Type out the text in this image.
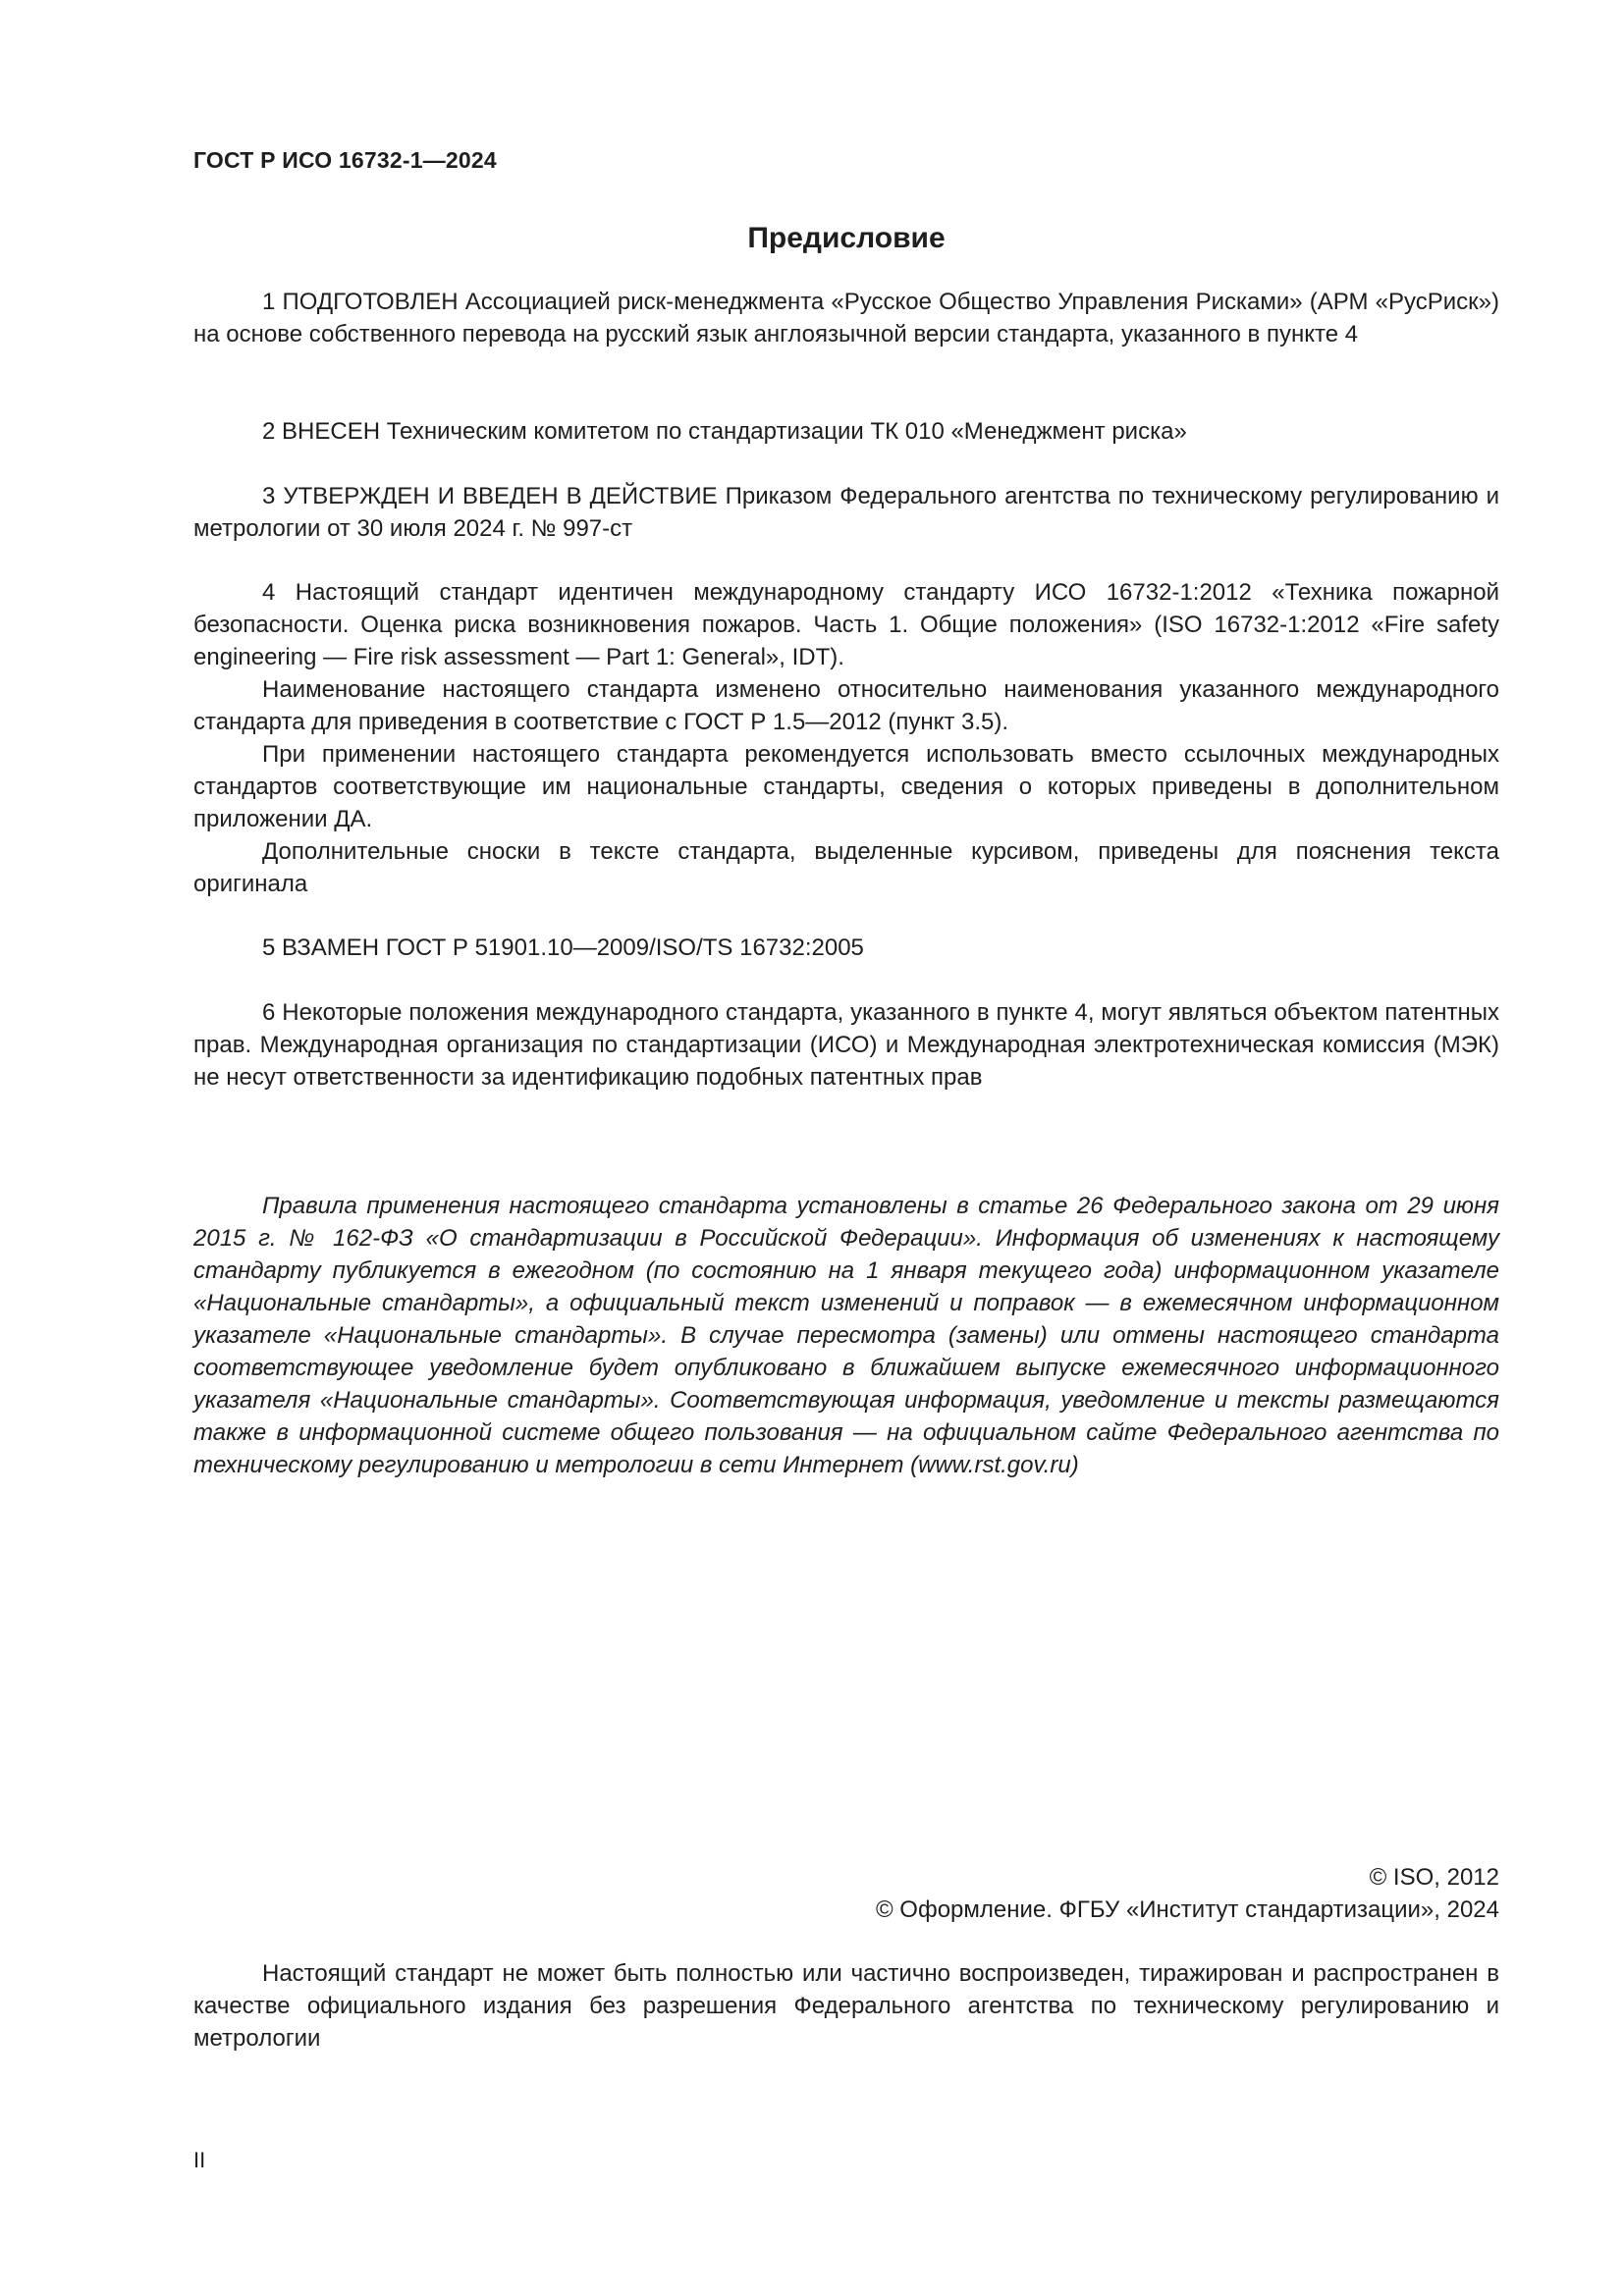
ГОСТ Р ИСО 16732-1—2024
Предисловие

1 ПОДГОТОВЛЕН Ассоциацией риск-менеджмента «Русское Общество Управления Рисками» (АРМ «РусРиск») на основе собственного перевода на русский язык англоязычной версии стандарта, указанного в пункте 4

2 ВНЕСЕН Техническим комитетом по стандартизации ТК 010 «Менеджмент риска»

3 УТВЕРЖДЕН И ВВЕДЕН В ДЕЙСТВИЕ Приказом Федерального агентства по техническому регулированию и метрологии от 30 июля 2024 г. № 997-ст

4 Настоящий стандарт идентичен международному стандарту ИСО 16732-1:2012 «Техника пожарной безопасности. Оценка риска возникновения пожаров. Часть 1. Общие положения» (ISO 16732-1:2012 «Fire safety engineering — Fire risk assessment — Part 1: General», IDT).

Наименование настоящего стандарта изменено относительно наименования указанного международного стандарта для приведения в соответствие с ГОСТ Р 1.5—2012 (пункт 3.5).

При применении настоящего стандарта рекомендуется использовать вместо ссылочных международных стандартов соответствующие им национальные стандарты, сведения о которых приведены в дополнительном приложении ДА.

Дополнительные сноски в тексте стандарта, выделенные курсивом, приведены для пояснения текста оригинала

5 ВЗАМЕН ГОСТ Р 51901.10—2009/ISO/TS 16732:2005

6 Некоторые положения международного стандарта, указанного в пункте 4, могут являться объектом патентных прав. Международная организация по стандартизации (ИСО) и Международная электротехническая комиссия (МЭК) не несут ответственности за идентификацию подобных патентных прав

Правила применения настоящего стандарта установлены в статье 26 Федерального закона от 29 июня 2015 г. № 162-ФЗ «О стандартизации в Российской Федерации». Информация об изменениях к настоящему стандарту публикуется в ежегодном (по состоянию на 1 января текущего года) информационном указателе «Национальные стандарты», а официальный текст изменений и поправок — в ежемесячном информационном указателе «Национальные стандарты». В случае пересмотра (замены) или отмены настоящего стандарта соответствующее уведомление будет опубликовано в ближайшем выпуске ежемесячного информационного указателя «Национальные стандарты». Соответствующая информация, уведомление и тексты размещаются также в информационной системе общего пользования — на официальном сайте Федерального агентства по техническому регулированию и метрологии в сети Интернет (www.rst.gov.ru)

© ISO, 2012
© Оформление. ФГБУ «Институт стандартизации», 2024

Настоящий стандарт не может быть полностью или частично воспроизведен, тиражирован и распространен в качестве официального издания без разрешения Федерального агентства по техническому регулированию и метрологии

II
